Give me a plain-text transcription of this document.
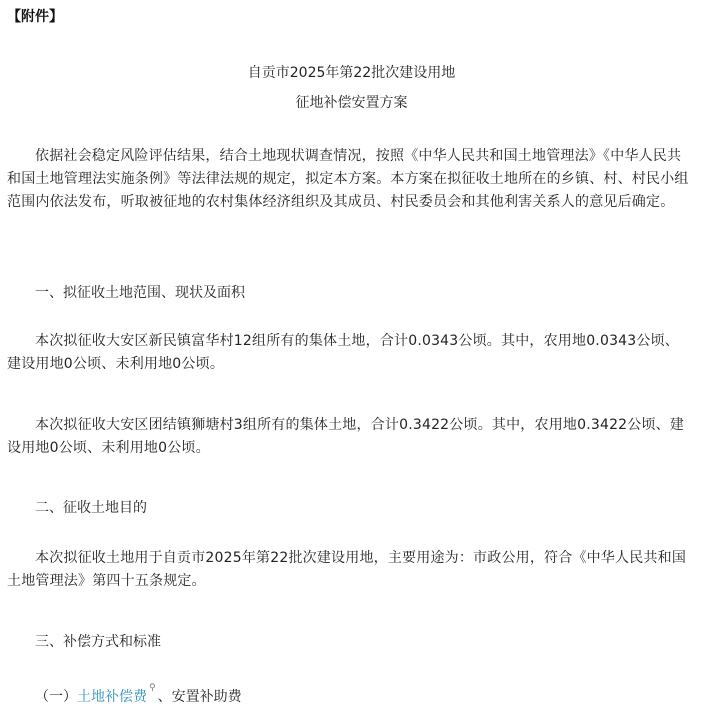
【附件】
自贡市2025年第22批次建设用地
征地补偿安置方案

依据社会稳定风险评估结果，结合土地现状调查情况，按照《中华人民共和国土地管理法》《中华人民共和国土地管理法实施条例》等法律法规的规定，拟定本方案。本方案在拟征收土地所在的乡镇、村、村民小组范围内依法发布，听取被征地的农村集体经济组织及其成员、村民委员会和其他利害关系人的意见后确定。

一、拟征收土地范围、现状及面积

本次拟征收大安区新民镇富华村12组所有的集体土地，合计0.0343公顷。其中，农用地0.0343公顷、建设用地0公顷、未利用地0公顷。

本次拟征收大安区团结镇狮塘村3组所有的集体土地，合计0.3422公顷。其中，农用地0.3422公顷、建设用地0公顷、未利用地0公顷。

二、征收土地目的

本次拟征收土地用于自贡市2025年第22批次建设用地，主要用途为：市政公用，符合《中华人民共和国土地管理法》第四十五条规定。

三、补偿方式和标准
（一）土地补偿费⚲、安置补助费
